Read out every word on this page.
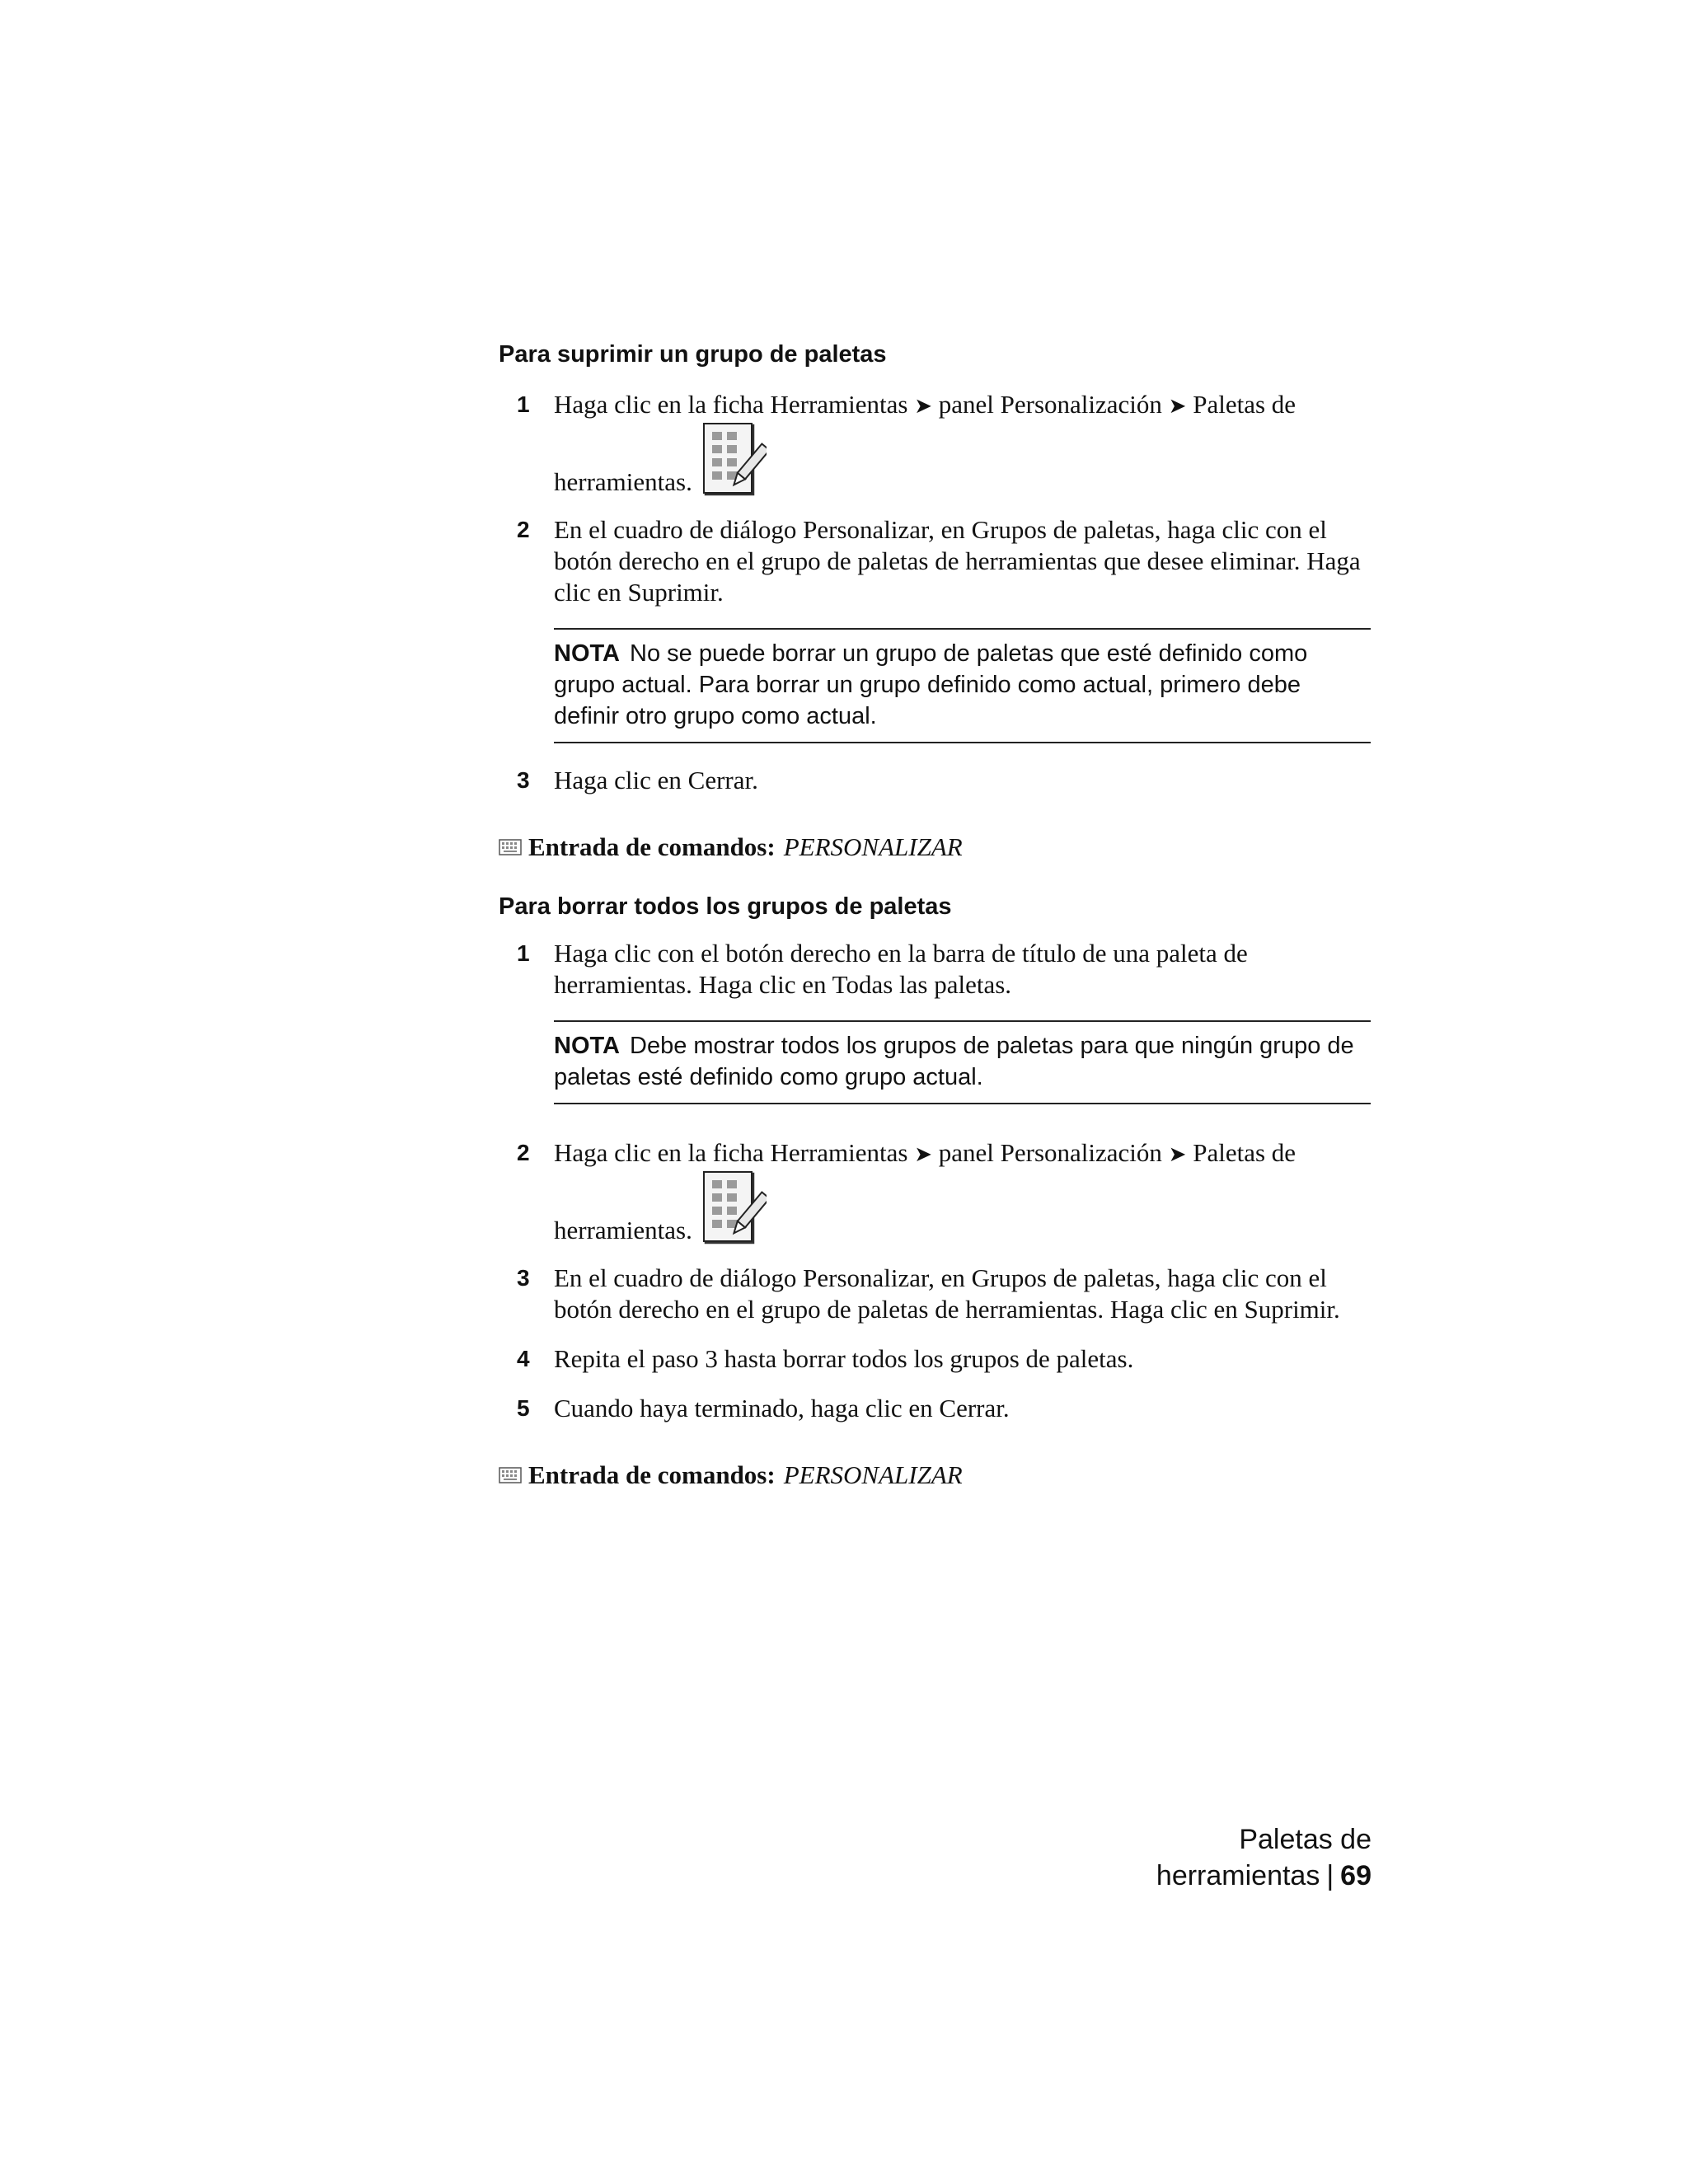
Para suprimir un grupo de paletas
1 Haga clic en la ficha Herramientas ➤ panel Personalización ➤ Paletas de
herramientas.
2 En el cuadro de diálogo Personalizar, en Grupos de paletas, haga clic con el botón derecho en el grupo de paletas de herramientas que desee eliminar. Haga clic en Suprimir.
NOTA No se puede borrar un grupo de paletas que esté definido como grupo actual. Para borrar un grupo definido como actual, primero debe definir otro grupo como actual.
3 Haga clic en Cerrar.
Entrada de comandos: PERSONALIZAR
Para borrar todos los grupos de paletas
1 Haga clic con el botón derecho en la barra de título de una paleta de herramientas. Haga clic en Todas las paletas.
NOTA Debe mostrar todos los grupos de paletas para que ningún grupo de paletas esté definido como grupo actual.
2 Haga clic en la ficha Herramientas ➤ panel Personalización ➤ Paletas de
herramientas.
3 En el cuadro de diálogo Personalizar, en Grupos de paletas, haga clic con el botón derecho en el grupo de paletas de herramientas. Haga clic en Suprimir.
4 Repita el paso 3 hasta borrar todos los grupos de paletas.
5 Cuando haya terminado, haga clic en Cerrar.
Entrada de comandos: PERSONALIZAR
Paletas de herramientas | 69
